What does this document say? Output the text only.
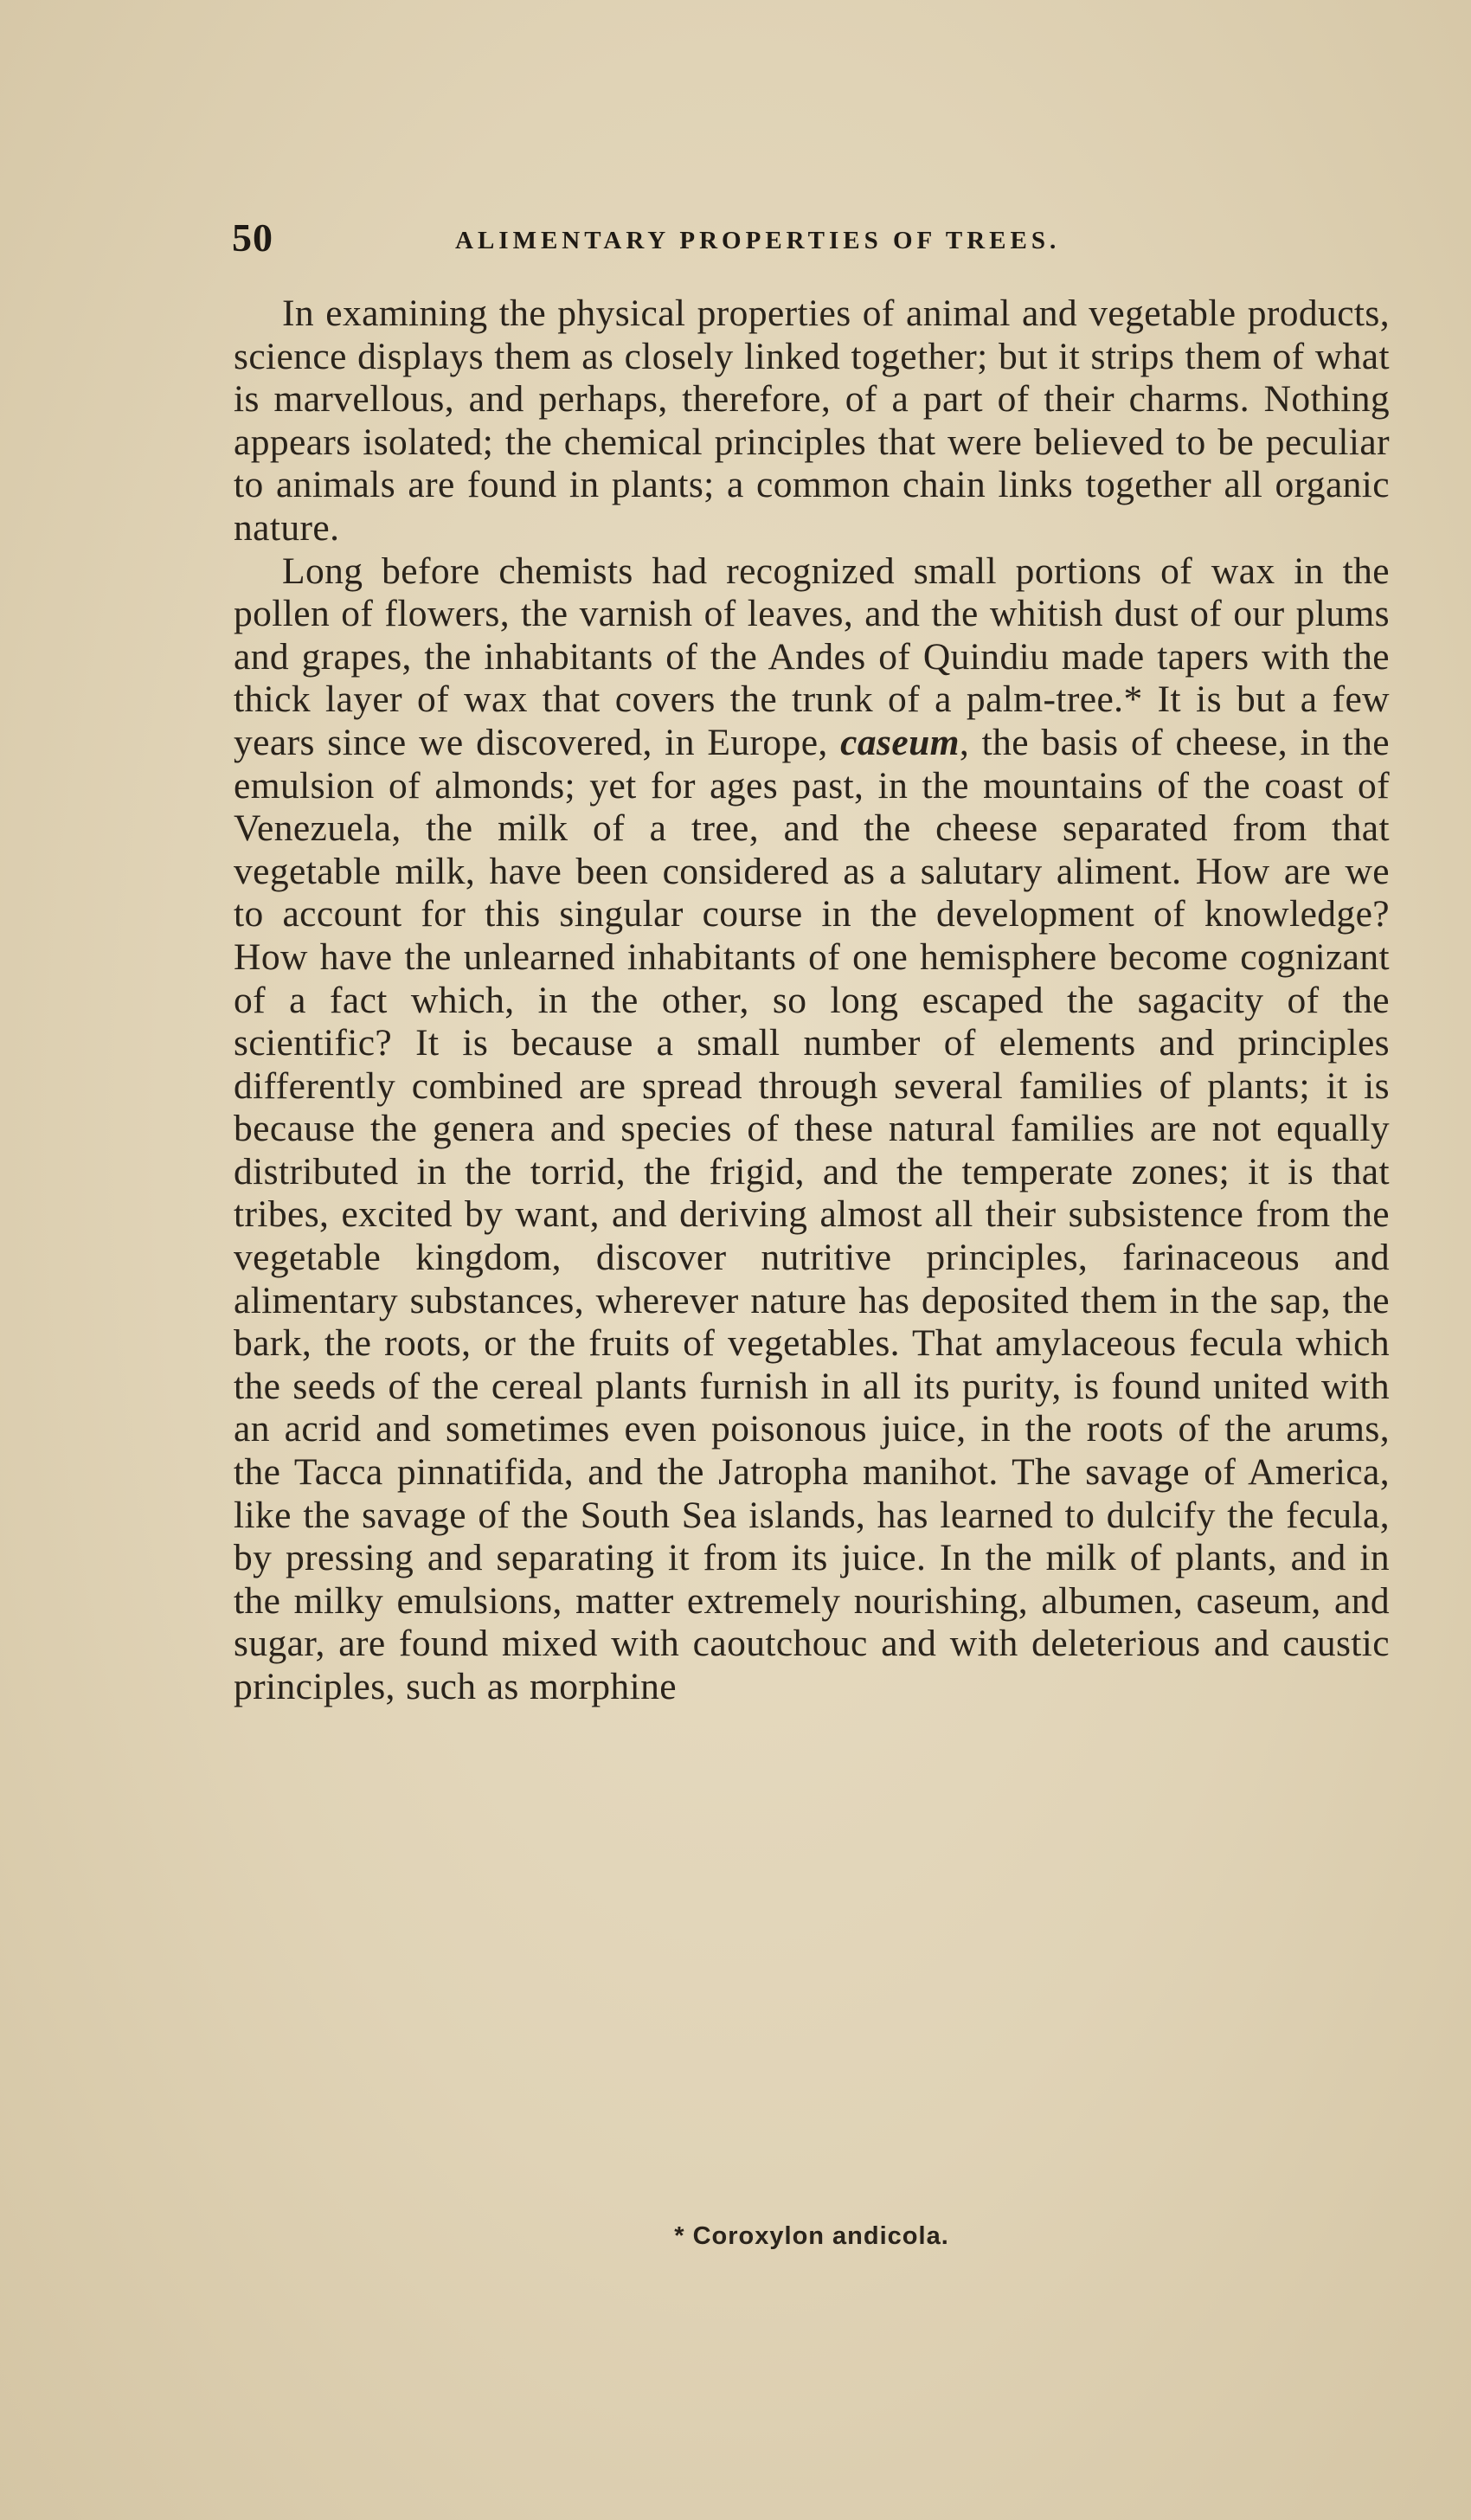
50	ALIMENTARY PROPERTIES OF TREES.

In examining the physical properties of animal and vegetable products, science displays them as closely linked together; but it strips them of what is marvellous, and perhaps, therefore, of a part of their charms. Nothing appears isolated; the chemical principles that were believed to be peculiar to animals are found in plants; a common chain links together all organic nature.

Long before chemists had recognized small portions of wax in the pollen of flowers, the varnish of leaves, and the whitish dust of our plums and grapes, the inhabitants of the Andes of Quindiu made tapers with the thick layer of wax that covers the trunk of a palm-tree.* It is but a few years since we discovered, in Europe, caseum, the basis of cheese, in the emulsion of almonds; yet for ages past, in the mountains of the coast of Venezuela, the milk of a tree, and the cheese separated from that vegetable milk, have been considered as a salutary aliment. How are we to account for this singular course in the development of knowledge? How have the unlearned inhabitants of one hemisphere become cognizant of a fact which, in the other, so long escaped the sagacity of the scientific? It is because a small number of elements and principles differently combined are spread through several families of plants; it is because the genera and species of these natural families are not equally distributed in the torrid, the frigid, and the temperate zones; it is that tribes, excited by want, and deriving almost all their subsistence from the vegetable kingdom, discover nutritive principles, farinaceous and alimentary substances, wherever nature has deposited them in the sap, the bark, the roots, or the fruits of vegetables. That amylaceous fecula which the seeds of the cereal plants furnish in all its purity, is found united with an acrid and sometimes even poisonous juice, in the roots of the arums, the Tacca pinnatifida, and the Jatropha manihot. The savage of America, like the savage of the South Sea islands, has learned to dulcify the fecula, by pressing and separating it from its juice. In the milk of plants, and in the milky emulsions, matter extremely nourishing, albumen, caseum, and sugar, are found mixed with caoutchouc and with deleterious and caustic principles, such as morphine

* Coroxylon andicola.
